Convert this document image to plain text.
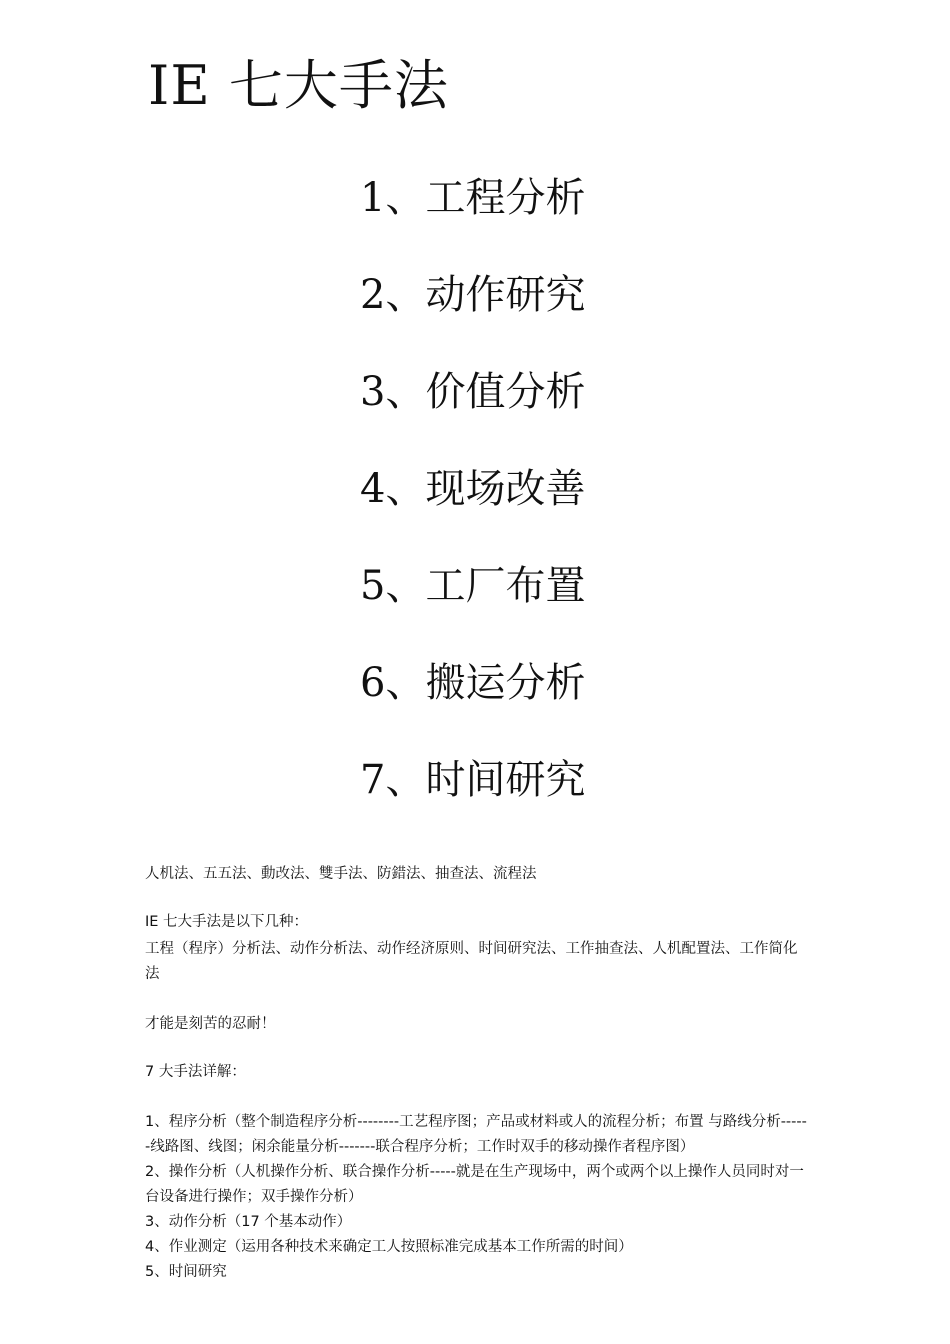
IE 七大手法
1、工程分析
2、动作研究
3、价值分析
4、现场改善
5、工厂布置
6、搬运分析
7、时间研究

人机法、五五法、動改法、雙手法、防錯法、抽查法、流程法

IE 七大手法是以下几种：

工程（程序）分析法、动作分析法、动作经济原则、时间研究法、工作抽查法、人机配置法、工作简化法

才能是刻苦的忍耐！

7 大手法详解：

1、程序分析（整个制造程序分析--------工艺程序图；产品或材料或人的流程分析；布置 与路线分析------线路图、线图；闲余能量分析-------联合程序分析；工作时双手的移动操作者程序图）
2、操作分析（人机操作分析、联合操作分析-----就是在生产现场中，两个或两个以上操作人员同时对一台设备进行操作；双手操作分析）
3、动作分析（17 个基本动作）
4、作业测定（运用各种技术来确定工人按照标准完成基本工作所需的时间）
5、时间研究
